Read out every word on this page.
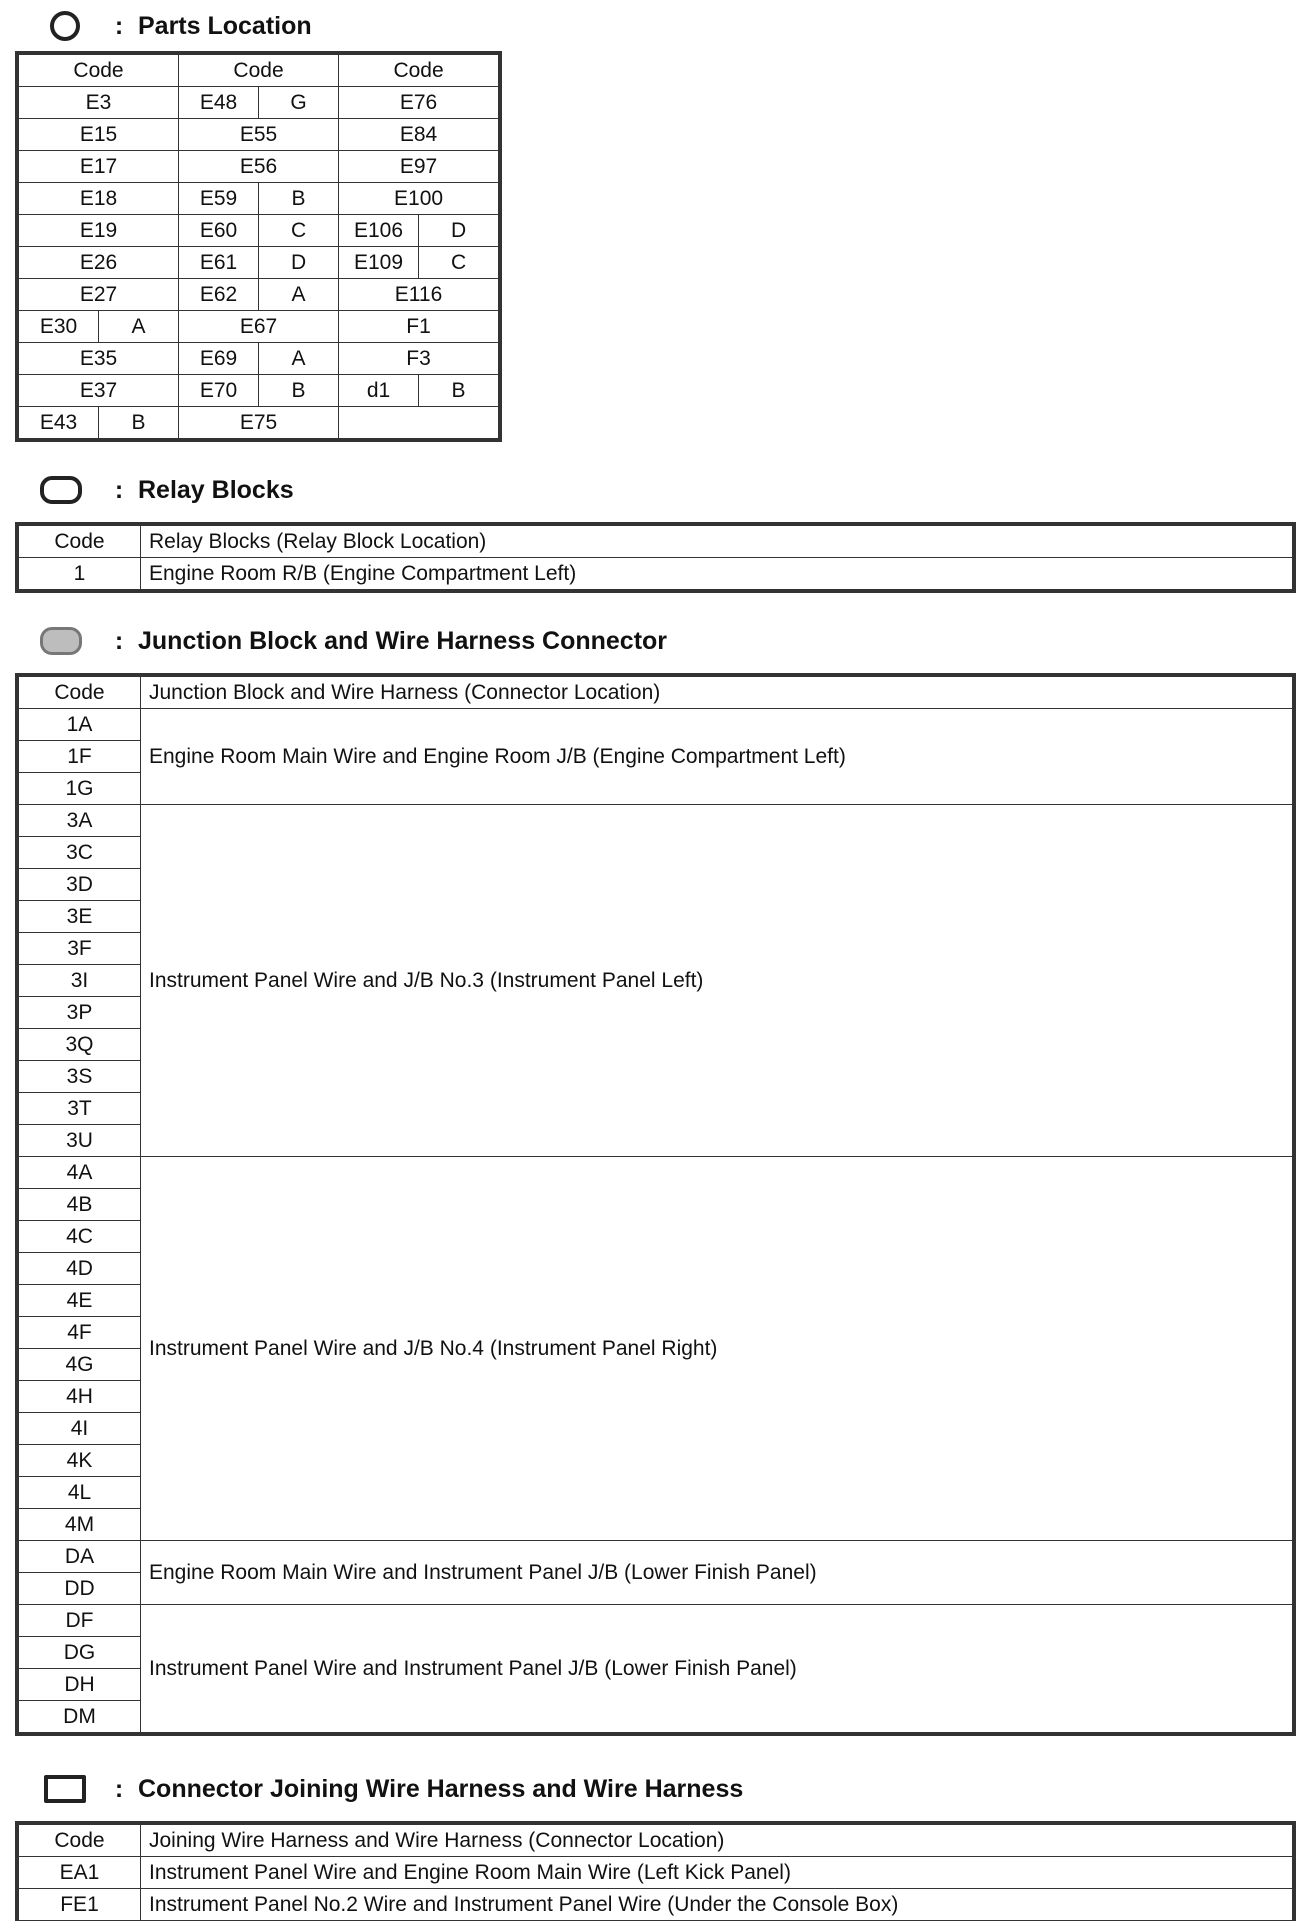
: Parts Location
Code		Code		Code	
E3		E48	G	E76	
E15		E55		E84	
E17		E56		E97	
E18		E59	B	E100	
E19		E60	C	E106	D
E26		E61	D	E109	C
E27		E62	A	E116	
E30	A	E67		F1	
E35		E69	A	F3	
E37		E70	B	d1	B
E43	B	E75			
: Relay Blocks
Code	Relay Blocks (Relay Block Location)
1	Engine Room R/B (Engine Compartment Left)
: Junction Block and Wire Harness Connector
Code	Junction Block and Wire Harness (Connector Location)
1A	Engine Room Main Wire and Engine Room J/B (Engine Compartment Left)
1F	
1G	
3A	Instrument Panel Wire and J/B No.3 (Instrument Panel Left)
3C	
3D	
3E	
3F	
3I	
3P	
3Q	
3S	
3T	
3U	
4A	Instrument Panel Wire and J/B No.4 (Instrument Panel Right)
4B	
4C	
4D	
4E	
4F	
4G	
4H	
4I	
4K	
4L	
4M	
DA	Engine Room Main Wire and Instrument Panel J/B (Lower Finish Panel)
DD	
DF	Instrument Panel Wire and Instrument Panel J/B (Lower Finish Panel)
DG	
DH	
DM	
: Connector Joining Wire Harness and Wire Harness
Code	Joining Wire Harness and Wire Harness (Connector Location)
EA1	Instrument Panel Wire and Engine Room Main Wire (Left Kick Panel)
FE1	Instrument Panel No.2 Wire and Instrument Panel Wire (Under the Console Box)
